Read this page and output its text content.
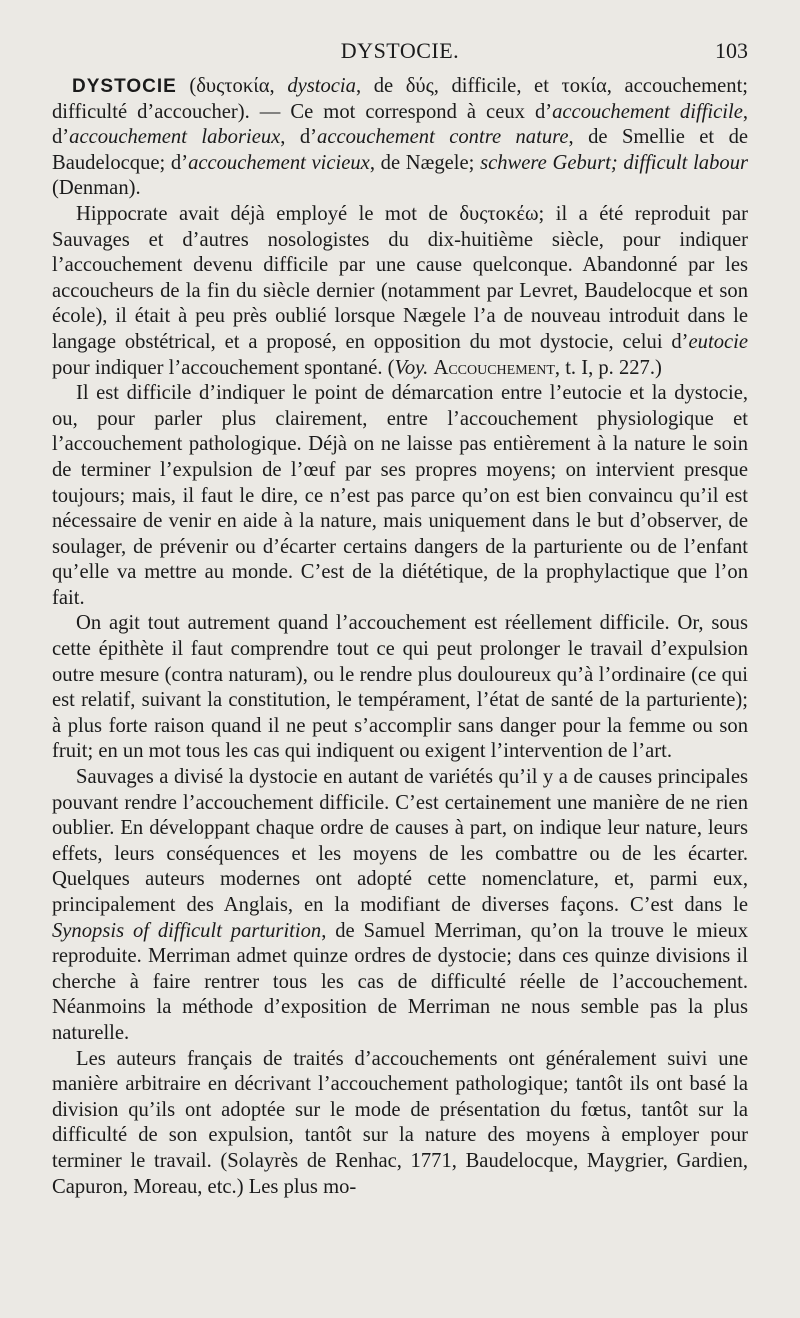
DYSTOCIE.	103

DYSTOCIE (δυςτοκία, dystocia, de δύς, difficile, et τοκία, accouchement; difficulté d’accoucher). — Ce mot correspond à ceux d’accouchement difficile, d’accouchement laborieux, d’accouchement contre nature, de Smellie et de Baudelocque; d’accouchement vicieux, de Nægele; schwere Geburt; difficult labour (Denman).

Hippocrate avait déjà employé le mot de δυςτοκέω; il a été reproduit par Sauvages et d’autres nosologistes du dix-huitième siècle, pour indiquer l’accouchement devenu difficile par une cause quelconque. Abandonné par les accoucheurs de la fin du siècle dernier (notamment par Levret, Baudelocque et son école), il était à peu près oublié lorsque Nægele l’a de nouveau introduit dans le langage obstétrical, et a proposé, en opposition du mot dystocie, celui d’eutocie pour indiquer l’accouchement spontané. (Voy. Accouchement, t. I, p. 227.)

Il est difficile d’indiquer le point de démarcation entre l’eutocie et la dystocie, ou, pour parler plus clairement, entre l’accouchement physiologique et l’accouchement pathologique. Déjà on ne laisse pas entièrement à la nature le soin de terminer l’expulsion de l’œuf par ses propres moyens; on intervient presque toujours; mais, il faut le dire, ce n’est pas parce qu’on est bien convaincu qu’il est nécessaire de venir en aide à la nature, mais uniquement dans le but d’observer, de soulager, de prévenir ou d’écarter certains dangers de la parturiente ou de l’enfant qu’elle va mettre au monde. C’est de la diététique, de la prophylactique que l’on fait.

On agit tout autrement quand l’accouchement est réellement difficile. Or, sous cette épithète il faut comprendre tout ce qui peut prolonger le travail d’expulsion outre mesure (contra naturam), ou le rendre plus douloureux qu’à l’ordinaire (ce qui est relatif, suivant la constitution, le tempérament, l’état de santé de la parturiente); à plus forte raison quand il ne peut s’accomplir sans danger pour la femme ou son fruit; en un mot tous les cas qui indiquent ou exigent l’intervention de l’art.

Sauvages a divisé la dystocie en autant de variétés qu’il y a de causes principales pouvant rendre l’accouchement difficile. C’est certainement une manière de ne rien oublier. En développant chaque ordre de causes à part, on indique leur nature, leurs effets, leurs conséquences et les moyens de les combattre ou de les écarter. Quelques auteurs modernes ont adopté cette nomenclature, et, parmi eux, principalement des Anglais, en la modifiant de diverses façons. C’est dans le Synopsis of difficult parturition, de Samuel Merriman, qu’on la trouve le mieux reproduite. Merriman admet quinze ordres de dystocie; dans ces quinze divisions il cherche à faire rentrer tous les cas de difficulté réelle de l’accouchement. Néanmoins la méthode d’exposition de Merriman ne nous semble pas la plus naturelle.

Les auteurs français de traités d’accouchements ont généralement suivi une manière arbitraire en décrivant l’accouchement pathologique; tantôt ils ont basé la division qu’ils ont adoptée sur le mode de présentation du fœtus, tantôt sur la difficulté de son expulsion, tantôt sur la nature des moyens à employer pour terminer le travail. (Solayrès de Renhac, 1771, Baudelocque, Maygrier, Gardien, Capuron, Moreau, etc.) Les plus mo-
